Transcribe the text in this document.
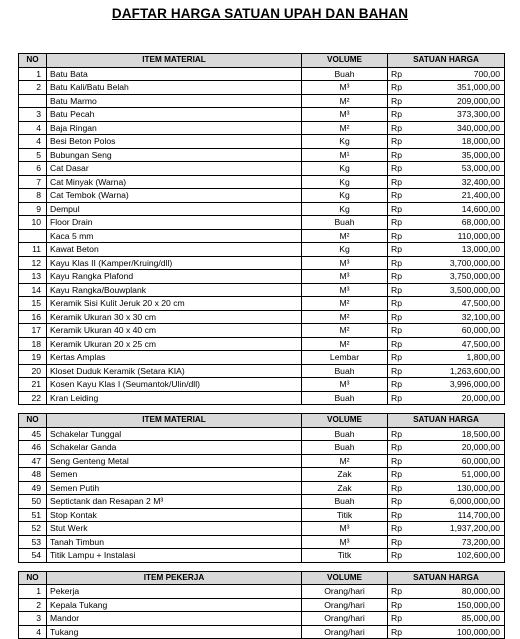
DAFTAR HARGA SATUAN UPAH DAN BAHAN
NO	ITEM MATERIAL	VOLUME	SATUAN HARGA	
1	Batu Bata	Buah	Rp	700,00
2	Batu Kali/Batu Belah	M³	Rp	351,000,00
	Batu Marmo	M²	Rp	209,000,00
3	Batu Pecah	M³	Rp	373,300,00
4	Baja Ringan	M²	Rp	340,000,00
4	Besi Beton Polos	Kg	Rp	18,000,00
5	Bubungan Seng	M¹	Rp	35,000,00
6	Cat Dasar	Kg	Rp	53,000,00
7	Cat Minyak (Warna)	Kg	Rp	32,400,00
8	Cat Tembok (Warna)	Kg	Rp	21,400,00
9	Dempul	Kg	Rp	14,600,00
10	Floor Drain	Buah	Rp	68,000,00
	Kaca 5 mm	M²	Rp	110,000,00
11	Kawat Beton	Kg	Rp	13,000,00
12	Kayu Klas II (Kamper/Kruing/dll)	M³	Rp	3,700,000,00
13	Kayu Rangka Plafond	M³	Rp	3,750,000,00
14	Kayu Rangka/Bouwplank	M³	Rp	3,500,000,00
15	Keramik Sisi Kulit Jeruk 20 x 20 cm	M²	Rp	47,500,00
16	Keramik Ukuran 30 x 30 cm	M²	Rp	32,100,00
17	Keramik Ukuran 40 x 40 cm	M²	Rp	60,000,00
18	Keramik Ukuran 20 x 25 cm	M²	Rp	47,500,00
19	Kertas Amplas	Lembar	Rp	1,800,00
20	Kloset Duduk Keramik (Setara KIA)	Buah	Rp	1,263,600,00
21	Kosen Kayu Klas I (Seumantok/Ulin/dll)	M³	Rp	3,996,000,00
22	Kran Leiding	Buah	Rp	20,000,00
NO	ITEM MATERIAL	VOLUME	SATUAN HARGA	
45	Schakelar Tunggal	Buah	Rp	18,500,00
46	Schakelar Ganda	Buah	Rp	20,000,00
47	Seng Genteng Metal	M²	Rp	60,000,00
48	Semen	Zak	Rp	51,000,00
49	Semen Putih	Zak	Rp	130,000,00
50	Septictank dan Resapan 2 M³	Buah	Rp	6,000,000,00
51	Stop Kontak	Titik	Rp	114,700,00
52	Stut Werk	M³	Rp	1,937,200,00
53	Tanah Timbun	M³	Rp	73,200,00
54	Titik Lampu + Instalasi	Titk	Rp	102,600,00
NO	ITEM PEKERJA	VOLUME	SATUAN HARGA	
1	Pekerja	Orang/hari	Rp	80,000,00
2	Kepala Tukang	Orang/hari	Rp	150,000,00
3	Mandor	Orang/hari	Rp	85,000,00
4	Tukang	Orang/hari	Rp	100,000,00
